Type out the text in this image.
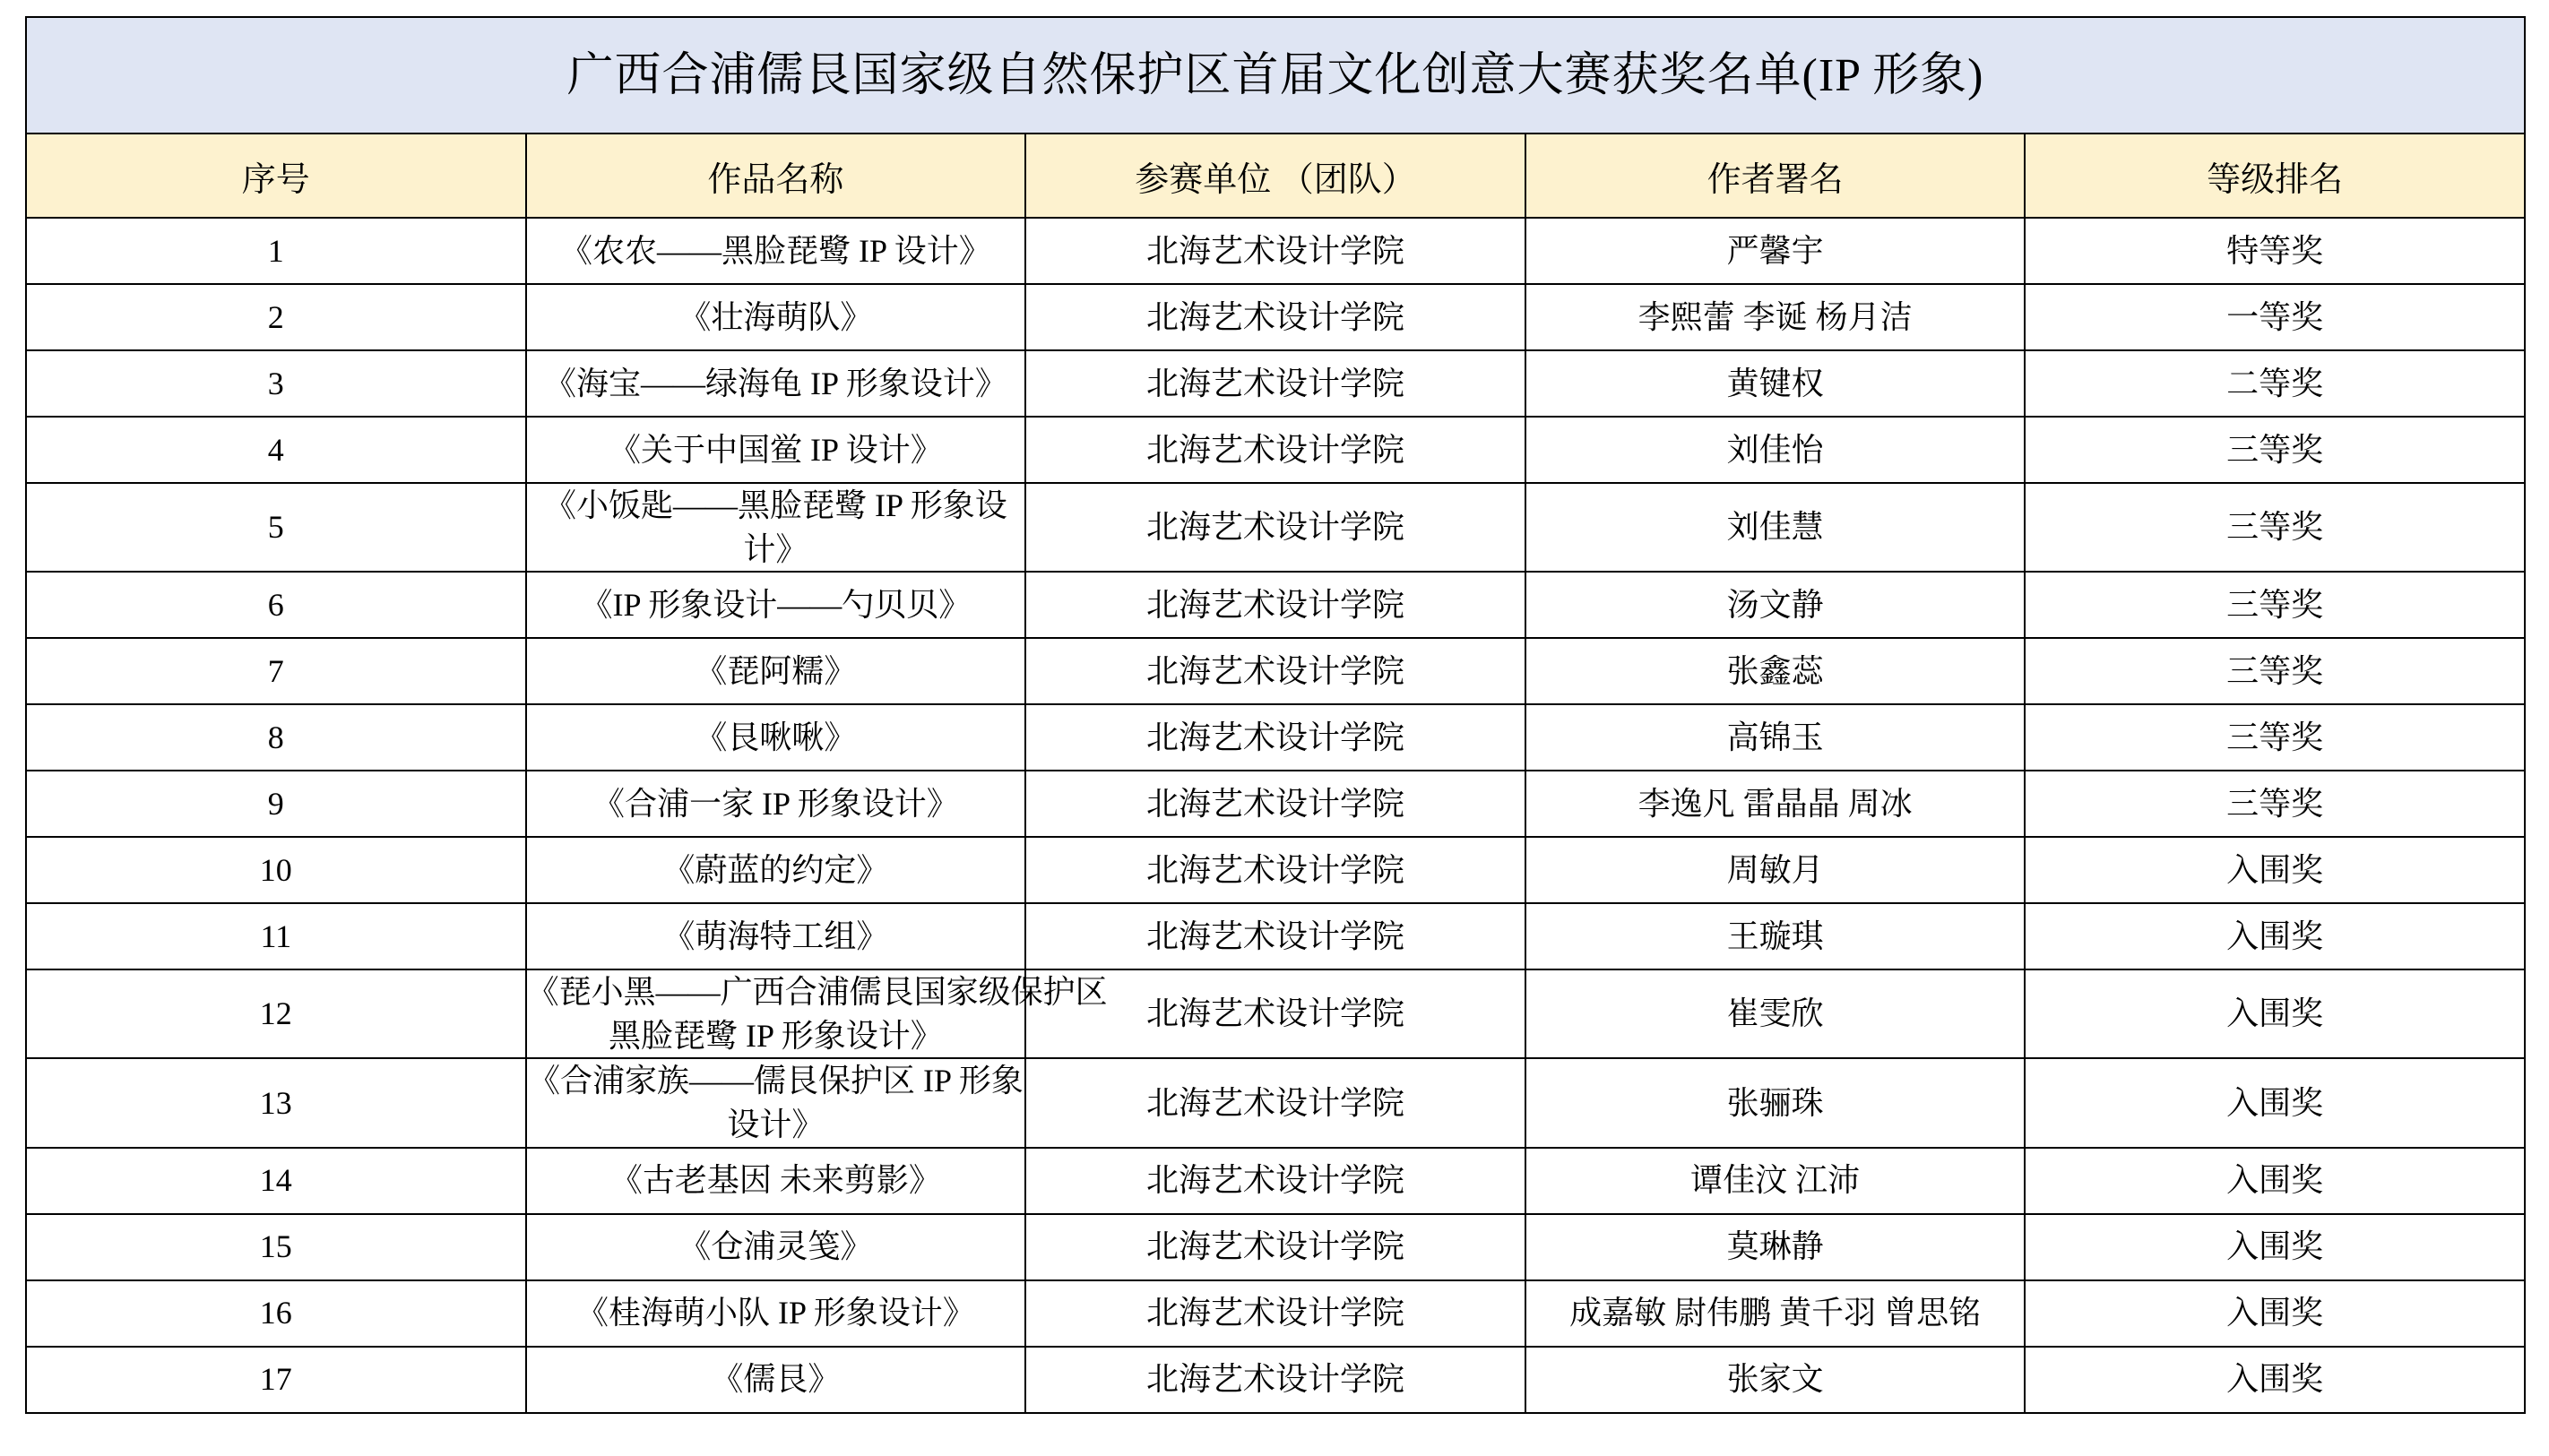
广西合浦儒艮国家级自然保护区首届文化创意大赛获奖名单(IP 形象)				
序号	作品名称	参赛单位 （团队）	作者署名	等级排名
1	《农农——黑脸琵鹭 IP 设计》	北海艺术设计学院	严馨宇	特等奖
2	《壮海萌队》	北海艺术设计学院	李熙蕾 李诞 杨月洁	一等奖
3	《海宝——绿海龟 IP 形象设计》	北海艺术设计学院	黄键权	二等奖
4	《关于中国鲎 IP 设计》	北海艺术设计学院	刘佳怡	三等奖
5	《小饭匙——黑脸琵鹭 IP 形象设计》	北海艺术设计学院	刘佳慧	三等奖
6	《IP 形象设计——勺贝贝》	北海艺术设计学院	汤文静	三等奖
7	《琵阿糯》	北海艺术设计学院	张鑫蕊	三等奖
8	《艮啾啾》	北海艺术设计学院	高锦玉	三等奖
9	《合浦一家 IP 形象设计》	北海艺术设计学院	李逸凡 雷晶晶 周冰	三等奖
10	《蔚蓝的约定》	北海艺术设计学院	周敏月	入围奖
11	《萌海特工组》	北海艺术设计学院	王璇琪	入围奖
12	《琵小黑——广西合浦儒艮国家级保护区
黑脸琵鹭 IP 形象设计》	北海艺术设计学院	崔雯欣	入围奖
13	《合浦家族——儒艮保护区 IP 形象设计》	北海艺术设计学院	张骊珠	入围奖
14	《古老基因 未来剪影》	北海艺术设计学院	谭佳汶 江沛	入围奖
15	《仓浦灵笺》	北海艺术设计学院	莫琳静	入围奖
16	《桂海萌小队 IP 形象设计》	北海艺术设计学院	成嘉敏 尉伟鹏 黄千羽 曾思铭	入围奖
17	《儒艮》	北海艺术设计学院	张家文	入围奖
